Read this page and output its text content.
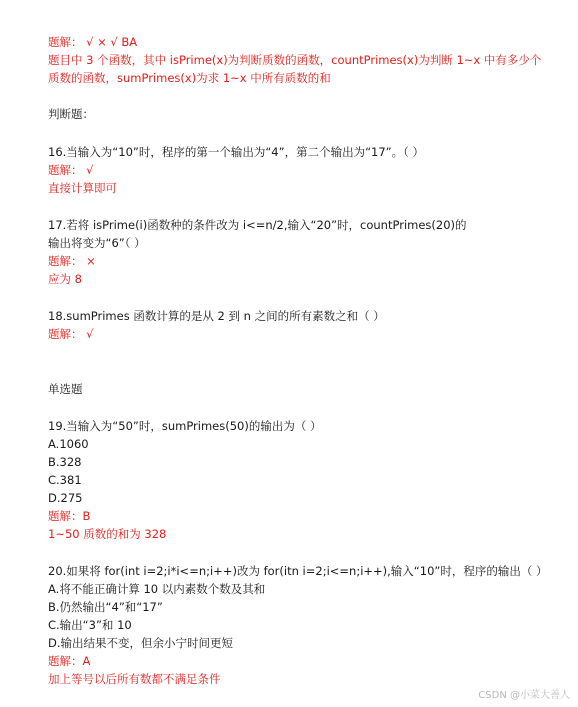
题解： √ × √ BA
题目中 3 个函数，其中 isPrime(x)为判断质数的函数，countPrimes(x)为判断 1~x 中有多少个
质数的函数，sumPrimes(x)为求 1~x 中所有质数的和
判断题：
16.当输入为“10”时，程序的第一个输出为“4”，第二个输出为“17”。（ ）
题解： √
直接计算即可
17.若将 isPrime(i)函数种的条件改为 i<=n/2,输入“20”时，countPrimes(20)的
输出将变为“6”（ ）
题解： ×
应为 8
18.sumPrimes 函数计算的是从 2 到 n 之间的所有素数之和（ ）
题解： √
单选题
19.当输入为“50”时，sumPrimes(50)的输出为（ ）
A.1060
B.328
C.381
D.275
题解：B
1~50 质数的和为 328
20.如果将 for(int i=2;i*i<=n;i++)改为 for(itn i=2;i<=n;i++),输入“10”时，程序的输出（ ）
A.将不能正确计算 10 以内素数个数及其和
B.仍然输出“4”和“17”
C.输出“3”和 10
D.输出结果不变，但余小宁时间更短
题解：A
加上等号以后所有数都不满足条件
CSDN @小菜大善人
